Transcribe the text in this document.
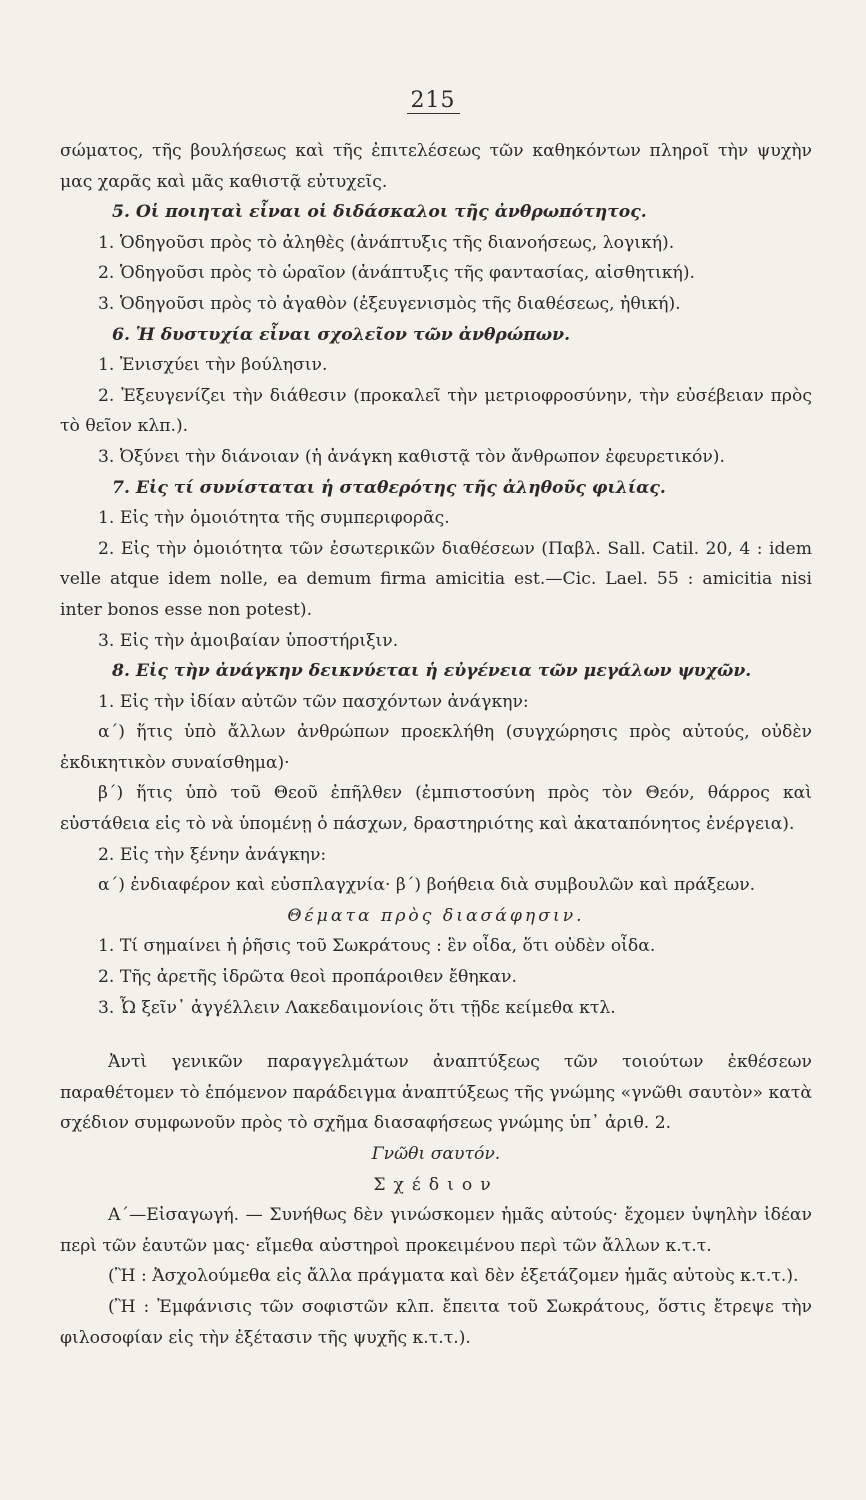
215

σώματος, τῆς βουλήσεως καὶ τῆς ἐπιτελέσεως τῶν καθηκόντων πληροῖ τὴν ψυχὴν μας χαρᾶς καὶ μᾶς καθιστᾷ εὐτυχεῖς.

5. Οἱ ποιηταὶ εἶναι οἱ διδάσκαλοι τῆς ἀνθρωπότητος.

1. Ὁδηγοῦσι πρὸς τὸ ἀληθὲς (ἀνάπτυξις τῆς διανοήσεως, λογική).

2. Ὁδηγοῦσι πρὸς τὸ ὡραῖον (ἀνάπτυξις τῆς φαντασίας, αἰσθητική).

3. Ὁδηγοῦσι πρὸς τὸ ἀγαθὸν (ἐξευγενισμὸς τῆς διαθέσεως, ἠθική).

6. Ἡ δυστυχία εἶναι σχολεῖον τῶν ἀνθρώπων.

1. Ἐνισχύει τὴν βούλησιν.

2. Ἐξευγενίζει τὴν διάθεσιν (προκαλεῖ τὴν μετριοφροσύνην, τὴν εὐσέβειαν πρὸς τὸ θεῖον κλπ.).

3. Ὀξύνει τὴν διάνοιαν (ἡ ἀνάγκη καθιστᾷ τὸν ἄνθρωπον ἐφευρετικόν).

7. Εἰς τί συνίσταται ἡ σταθερότης τῆς ἀληθοῦς φιλίας.

1. Εἰς τὴν ὁμοιότητα τῆς συμπεριφορᾶς.

2. Εἰς τὴν ὁμοιότητα τῶν ἐσωτερικῶν διαθέσεων (Παβλ. Sall. Catil. 20, 4 : idem velle atque idem nolle, ea demum firma amicitia est.—Cic. Lael. 55 : amicitia nisi inter bonos esse non potest).

3. Εἰς τὴν ἀμοιβαίαν ὑποστήριξιν.

8. Εἰς τὴν ἀνάγκην δεικνύεται ἡ εὐγένεια τῶν μεγάλων ψυχῶν.

1. Εἰς τὴν ἰδίαν αὐτῶν τῶν πασχόντων ἀνάγκην:

α΄) ἥτις ὑπὸ ἄλλων ἀνθρώπων προεκλήθη (συγχώρησις πρὸς αὐτούς, οὐδὲν ἐκδικητικὸν συναίσθημα)·

β΄) ἥτις ὑπὸ τοῦ Θεοῦ ἐπῆλθεν (ἐμπιστοσύνη πρὸς τὸν Θεόν, θάρρος καὶ εὐστάθεια εἰς τὸ νὰ ὑπομένῃ ὁ πάσχων, δραστηριότης καὶ ἀκαταπόνητος ἐνέργεια).

2. Εἰς τὴν ξένην ἀνάγκην:

α΄) ἐνδιαφέρον καὶ εὐσπλαγχνία· β΄) βοήθεια διὰ συμβουλῶν καὶ πράξεων.

Θέματα πρὸς διασάφησιν.

1. Τί σημαίνει ἡ ῥῆσις τοῦ Σωκράτους : ἓν οἶδα, ὅτι οὐδὲν οἶδα.

2. Τῆς ἀρετῆς ἱδρῶτα θεοὶ προπάροιθεν ἔθηκαν.

3. Ὦ ξεῖν᾽ ἀγγέλλειν Λακεδαιμονίοις ὅτι τῇδε κείμεθα κτλ.

Ἀντὶ γενικῶν παραγγελμάτων ἀναπτύξεως τῶν τοιούτων ἐκθέσεων παραθέτομεν τὸ ἑπόμενον παράδειγμα ἀναπτύξεως τῆς γνώμης «γνῶθι σαυτὸν» κατὰ σχέδιον συμφωνοῦν πρὸς τὸ σχῆμα διασαφήσεως γνώμης ὑπ᾽ ἀριθ. 2.

Γνῶθι σαυτόν.

Σχέδιον

Α΄—Εἰσαγωγή. — Συνήθως δὲν γινώσκομεν ἡμᾶς αὐτούς· ἔχομεν ὑψηλὴν ἰδέαν περὶ τῶν ἑαυτῶν μας· εἴμεθα αὐστηροὶ προκειμένου περὶ τῶν ἄλλων κ.τ.τ.

(Ἢ : Ἀσχολούμεθα εἰς ἄλλα πράγματα καὶ δὲν ἐξετάζομεν ἡμᾶς αὐτοὺς κ.τ.τ.).

(Ἢ : Ἐμφάνισις τῶν σοφιστῶν κλπ. ἔπειτα τοῦ Σωκράτους, ὅστις ἔτρεψε τὴν φιλοσοφίαν εἰς τὴν ἐξέτασιν τῆς ψυχῆς κ.τ.τ.).
